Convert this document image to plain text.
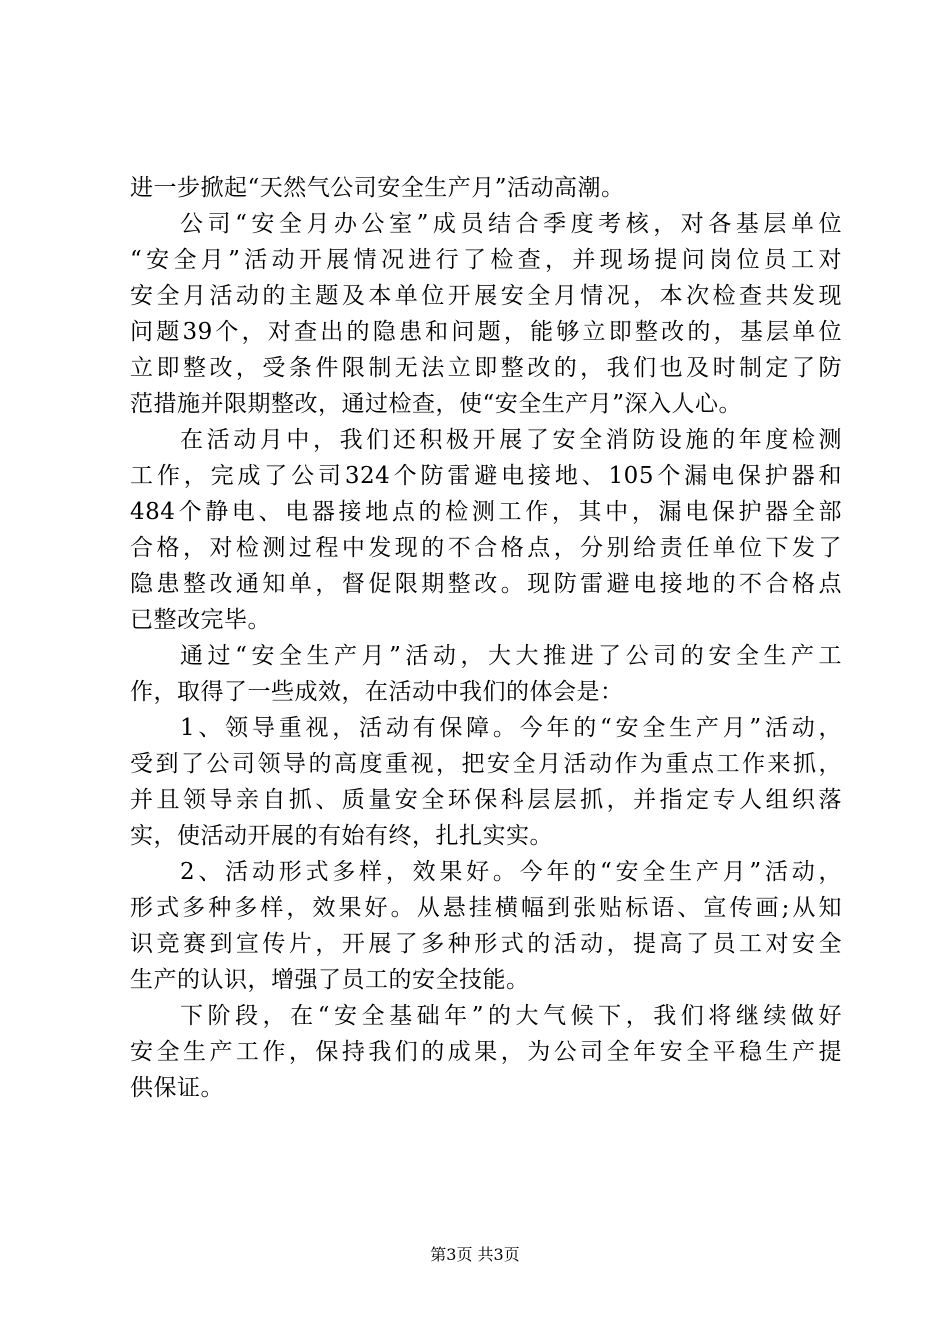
进一步掀起“天然气公司安全生产月”活动高潮。
公司“安全月办公室”成员结合季度考核，对各基层单位
“安全月”活动开展情况进行了检查，并现场提问岗位员工对
安全月活动的主题及本单位开展安全月情况，本次检查共发现
问题39个，对查出的隐患和问题，能够立即整改的，基层单位
立即整改，受条件限制无法立即整改的，我们也及时制定了防
范措施并限期整改，通过检查，使“安全生产月”深入人心。
在活动月中，我们还积极开展了安全消防设施的年度检测
工作，完成了公司324个防雷避电接地、105个漏电保护器和
484个静电、电器接地点的检测工作，其中，漏电保护器全部
合格，对检测过程中发现的不合格点，分别给责任单位下发了
隐患整改通知单，督促限期整改。现防雷避电接地的不合格点
已整改完毕。
通过“安全生产月”活动，大大推进了公司的安全生产工
作，取得了一些成效，在活动中我们的体会是：
1、领导重视，活动有保障。今年的“安全生产月”活动，
受到了公司领导的高度重视，把安全月活动作为重点工作来抓，
并且领导亲自抓、质量安全环保科层层抓，并指定专人组织落
实，使活动开展的有始有终，扎扎实实。
2、活动形式多样，效果好。今年的“安全生产月”活动，
形式多种多样，效果好。从悬挂横幅到张贴标语、宣传画;从知
识竞赛到宣传片，开展了多种形式的活动，提高了员工对安全
生产的认识，增强了员工的安全技能。
下阶段，在“安全基础年”的大气候下，我们将继续做好
安全生产工作，保持我们的成果，为公司全年安全平稳生产提
供保证。
第3页 共3页
